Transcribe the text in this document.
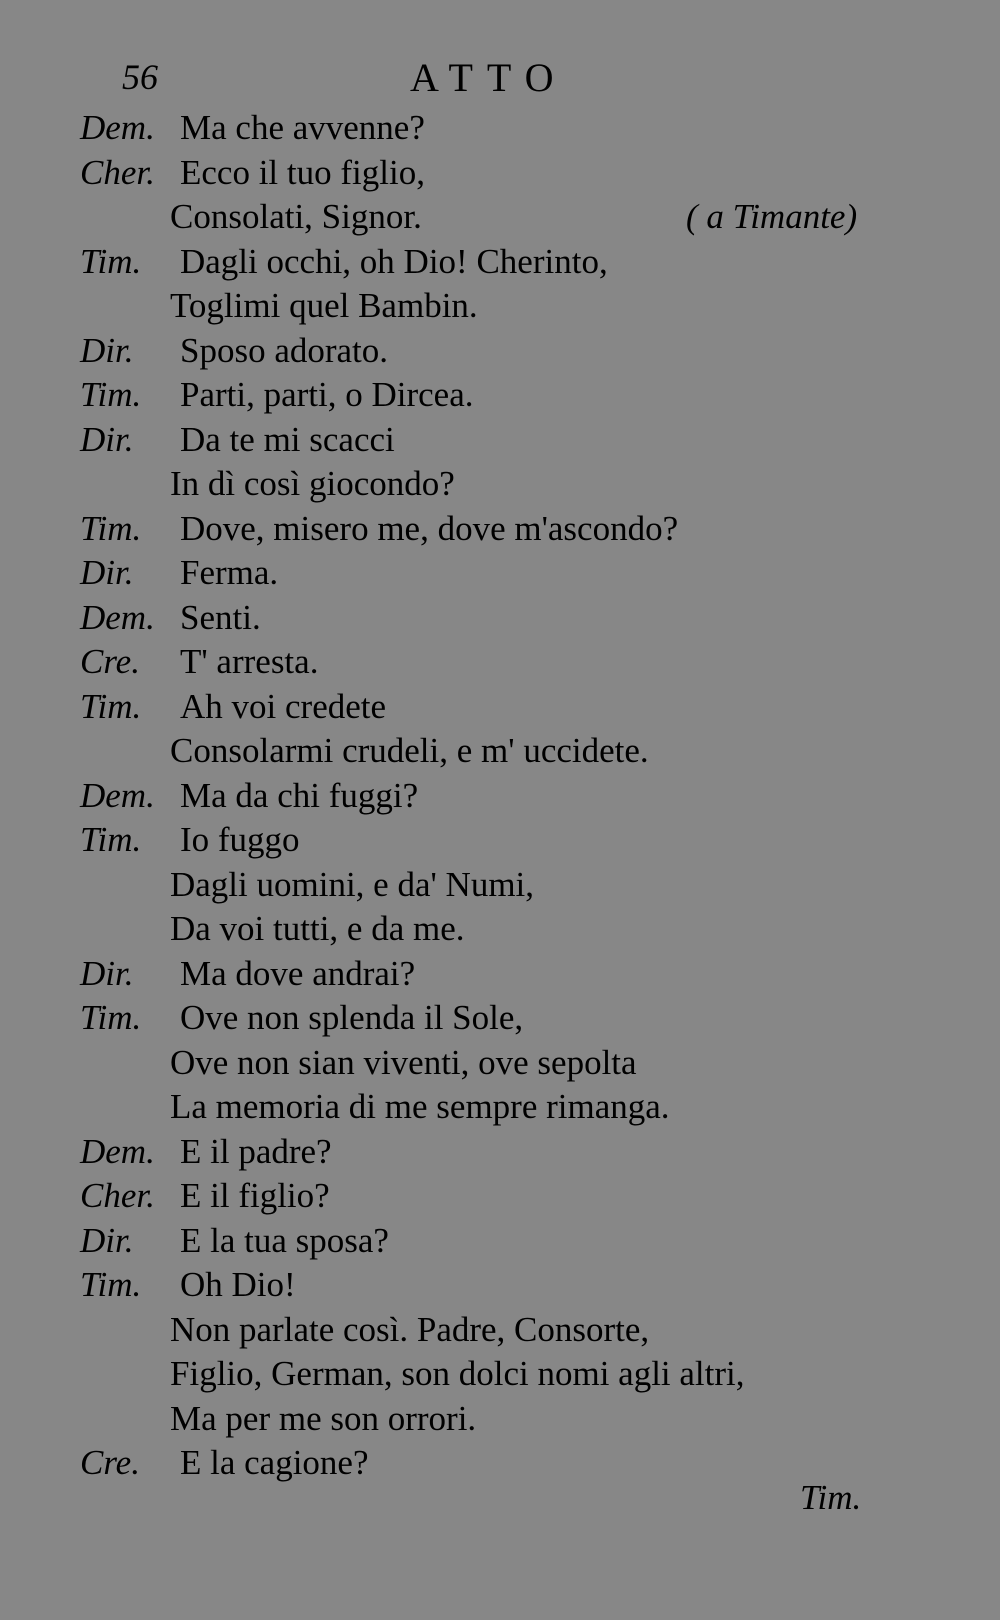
56	ATTO
Dem. Ma che avvenne?
Cher. Ecco il tuo figlio,
Consolati, Signor.	( a Timante)
Tim. Dagli occhi, oh Dio! Cherinto,
Toglimi quel Bambin.
Dir. Sposo adorato.
Tim. Parti, parti, o Dircea.
Dir. Da te mi scacci
In dì così giocondo?
Tim. Dove, misero me, dove m'ascondo?
Dir. Ferma.
Dem. Senti.
Cre. T' arresta.
Tim. Ah voi credete
Consolarmi crudeli, e m' uccidete.
Dem. Ma da chi fuggi?
Tim. Io fuggo
Dagli uomini, e da' Numi,
Da voi tutti, e da me.
Dir. Ma dove andrai?
Tim. Ove non splenda il Sole,
Ove non sian viventi, ove sepolta
La memoria di me sempre rimanga.
Dem. E il padre?
Cher. E il figlio?
Dir. E la tua sposa?
Tim. Oh Dio!
Non parlate così. Padre, Consorte,
Figlio, German, son dolci nomi agli altri,
Ma per me son orrori.
Cre. E la cagione?
Tim.
